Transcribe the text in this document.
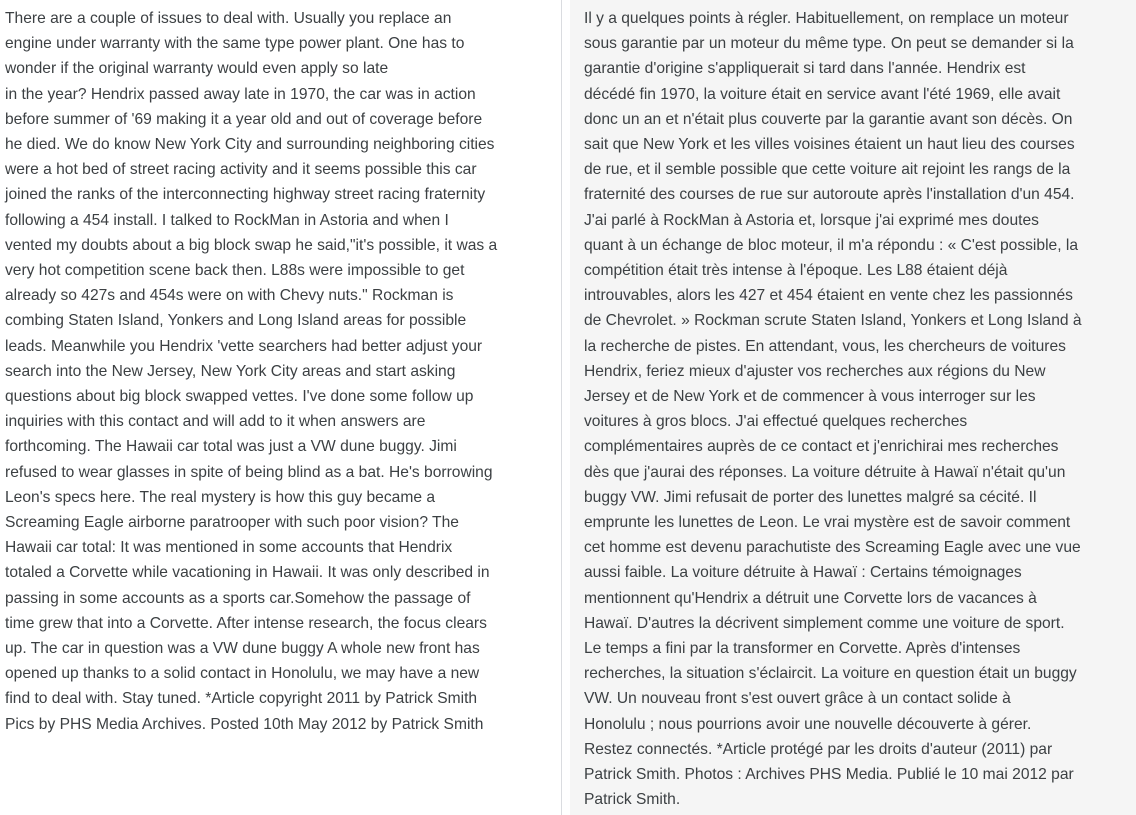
There are a couple of issues to deal with. Usually you replace an
engine under warranty with the same type power plant. One has to
wonder if the original warranty would even apply so late
in the year? Hendrix passed away late in 1970, the car was in action
before summer of '69 making it a year old and out of coverage before
he died. We do know New York City and surrounding neighboring cities
were a hot bed of street racing activity and it seems possible this car
joined the ranks of the interconnecting highway street racing fraternity
following a 454 install. I talked to RockMan in Astoria and when I
vented my doubts about a big block swap he said,"it's possible, it was a
very hot competition scene back then. L88s were impossible to get
already so 427s and 454s were on with Chevy nuts." Rockman is
combing Staten Island, Yonkers and Long Island areas for possible
leads. Meanwhile you Hendrix 'vette searchers had better adjust your
search into the New Jersey, New York City areas and start asking
questions about big block swapped vettes. I've done some follow up
inquiries with this contact and will add to it when answers are
forthcoming. The Hawaii car total was just a VW dune buggy. Jimi
refused to wear glasses in spite of being blind as a bat. He's borrowing
Leon's specs here. The real mystery is how this guy became a
Screaming Eagle airborne paratrooper with such poor vision? The
Hawaii car total: It was mentioned in some accounts that Hendrix
totaled a Corvette while vacationing in Hawaii. It was only described in
passing in some accounts as a sports car.Somehow the passage of
time grew that into a Corvette. After intense research, the focus clears
up. The car in question was a VW dune buggy A whole new front has
opened up thanks to a solid contact in Honolulu, we may have a new
find to deal with. Stay tuned. *Article copyright 2011 by Patrick Smith
Pics by PHS Media Archives. Posted 10th May 2012 by Patrick Smith

Il y a quelques points à régler. Habituellement, on remplace un moteur
sous garantie par un moteur du même type. On peut se demander si la
garantie d'origine s'appliquerait si tard dans l'année. Hendrix est
décédé fin 1970, la voiture était en service avant l'été 1969, elle avait
donc un an et n'était plus couverte par la garantie avant son décès. On
sait que New York et les villes voisines étaient un haut lieu des courses
de rue, et il semble possible que cette voiture ait rejoint les rangs de la
fraternité des courses de rue sur autoroute après l'installation d'un 454.
J'ai parlé à RockMan à Astoria et, lorsque j'ai exprimé mes doutes
quant à un échange de bloc moteur, il m'a répondu : « C'est possible, la
compétition était très intense à l'époque. Les L88 étaient déjà
introuvables, alors les 427 et 454 étaient en vente chez les passionnés
de Chevrolet. » Rockman scrute Staten Island, Yonkers et Long Island à
la recherche de pistes. En attendant, vous, les chercheurs de voitures
Hendrix, feriez mieux d'ajuster vos recherches aux régions du New
Jersey et de New York et de commencer à vous interroger sur les
voitures à gros blocs. J'ai effectué quelques recherches
complémentaires auprès de ce contact et j'enrichirai mes recherches
dès que j'aurai des réponses. La voiture détruite à Hawaï n'était qu'un
buggy VW. Jimi refusait de porter des lunettes malgré sa cécité. Il
emprunte les lunettes de Leon. Le vrai mystère est de savoir comment
cet homme est devenu parachutiste des Screaming Eagle avec une vue
aussi faible. La voiture détruite à Hawaï : Certains témoignages
mentionnent qu'Hendrix a détruit une Corvette lors de vacances à
Hawaï. D'autres la décrivent simplement comme une voiture de sport.
Le temps a fini par la transformer en Corvette. Après d'intenses
recherches, la situation s'éclaircit. La voiture en question était un buggy
VW. Un nouveau front s'est ouvert grâce à un contact solide à
Honolulu ; nous pourrions avoir une nouvelle découverte à gérer.
Restez connectés. *Article protégé par les droits d'auteur (2011) par
Patrick Smith. Photos : Archives PHS Media. Publié le 10 mai 2012 par
Patrick Smith.
